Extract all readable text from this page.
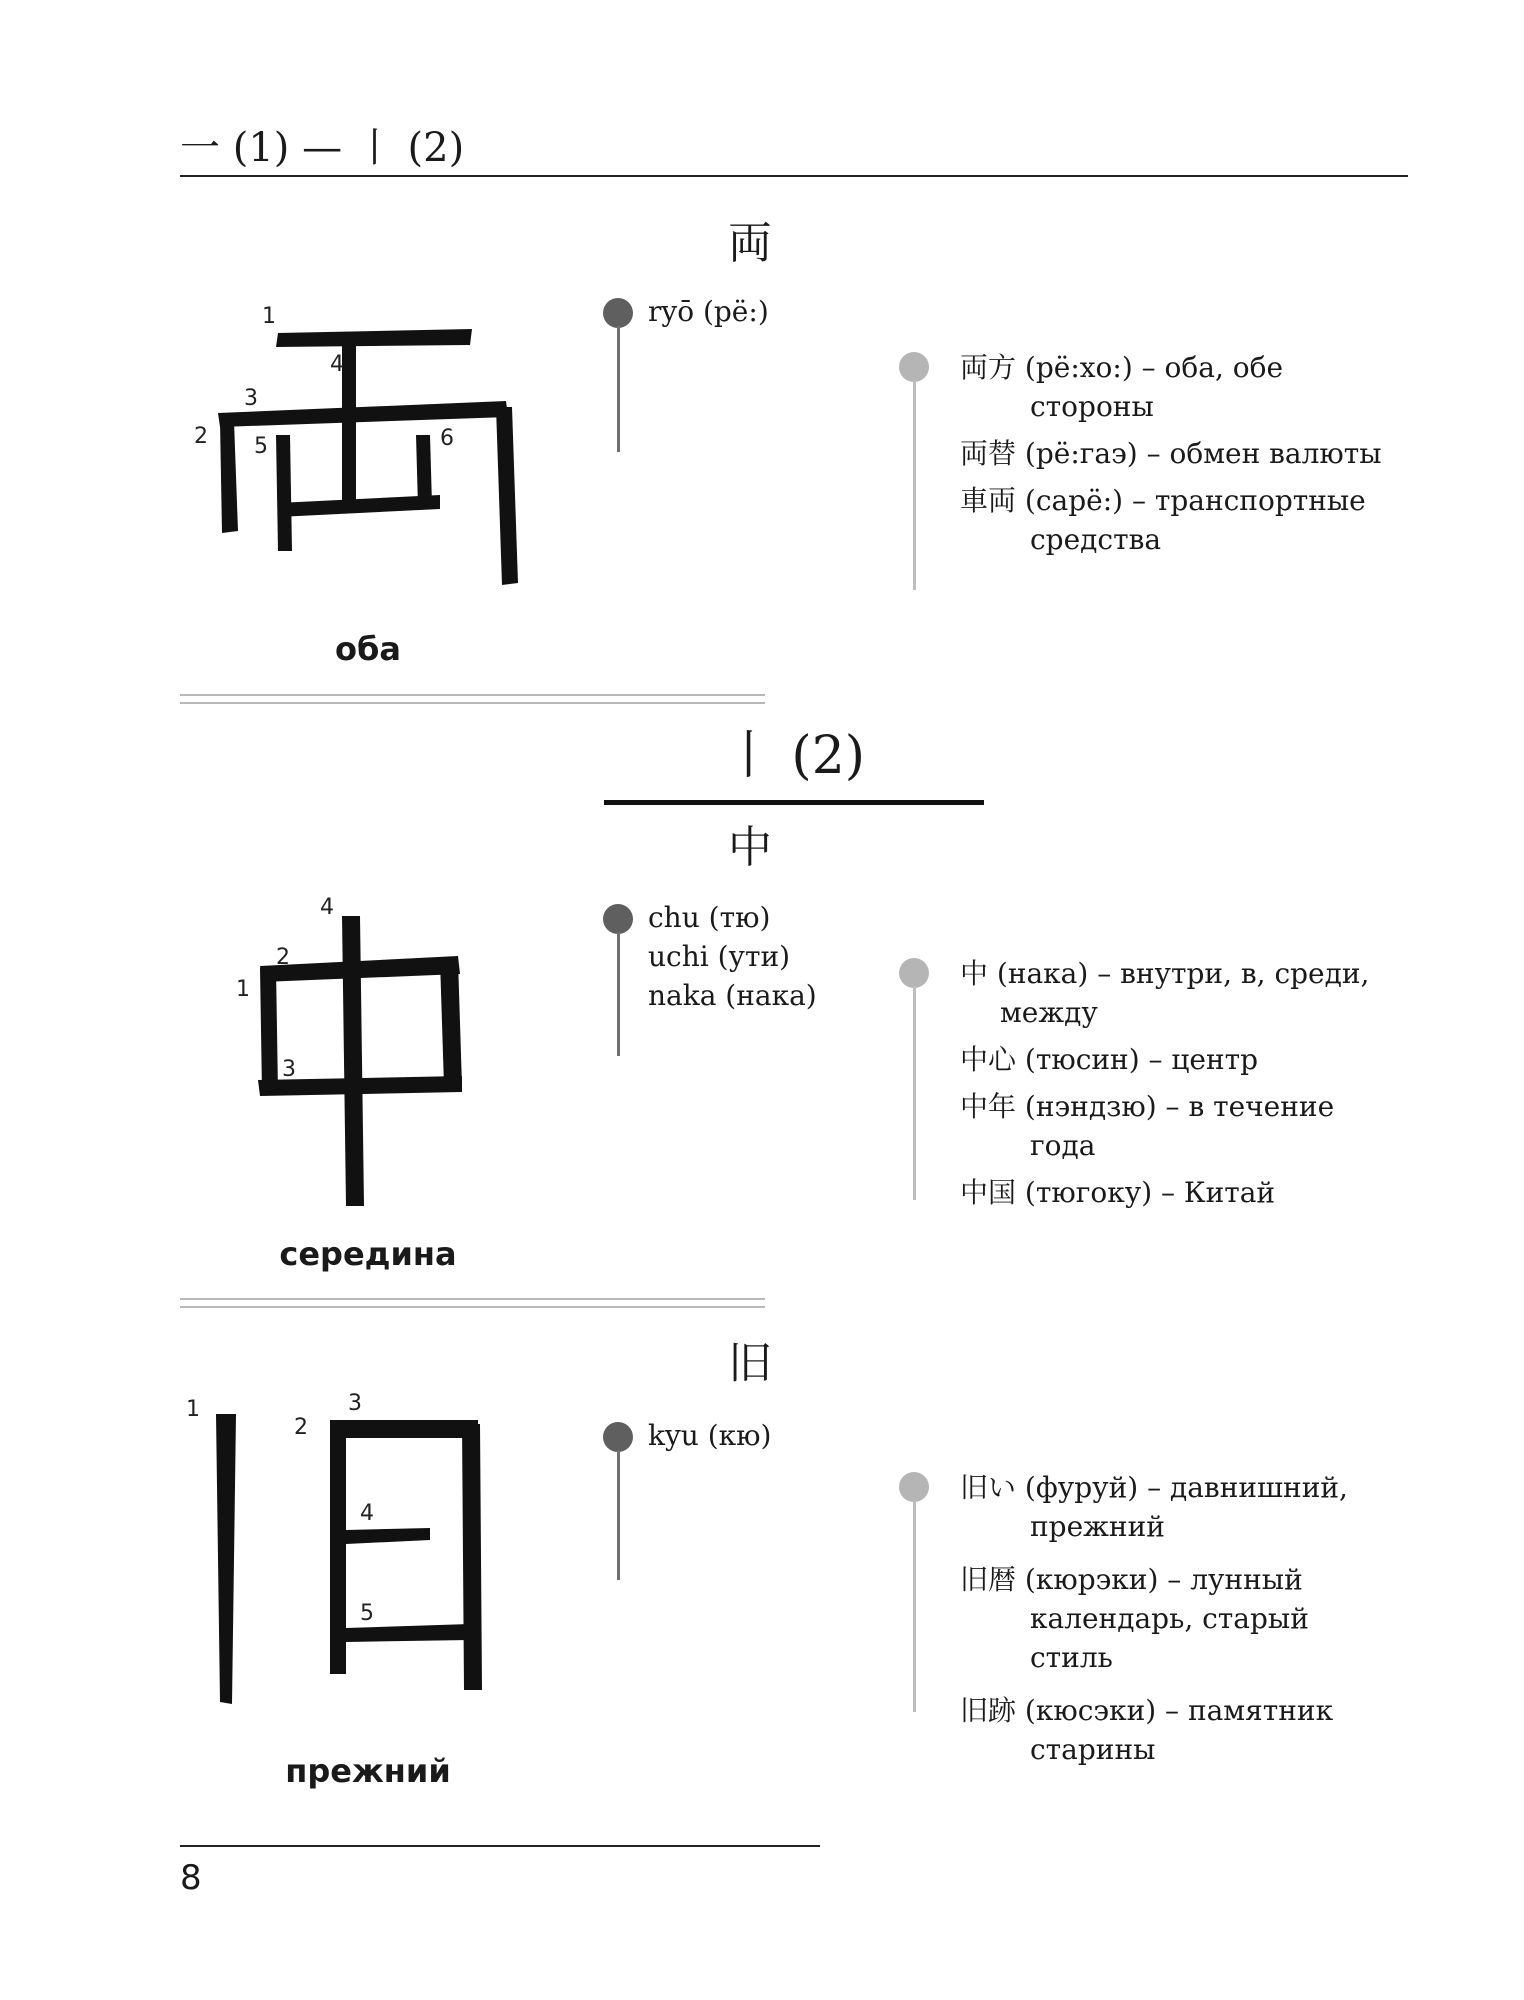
一 (1) — 丨 (2)
両
1
2
3
4
5	6
оба
ryō (рё:)
両方 (рё:хо:) – оба, обе
стороны
両替 (рё:гаэ) – обмен валюты
車両 (сарё:) – транспортные
средства
丨 (2)
中
1
2
3
4
середина
chu (тю)
uchi (ути)
naka (нака)
中 (нака) – внутри, в, среди,
между
中心 (тюсин) – центр
中年 (нэндзю) – в течение
года
中国 (тюгоку) – Китай
旧
1
2
3
4
5
прежний
kyu (кю)
旧い (фуруй) – давнишний,
прежний
旧暦 (кюрэки) – лунный
календарь, старый стиль
旧跡 (кюсэки) – памятник
старины
8
